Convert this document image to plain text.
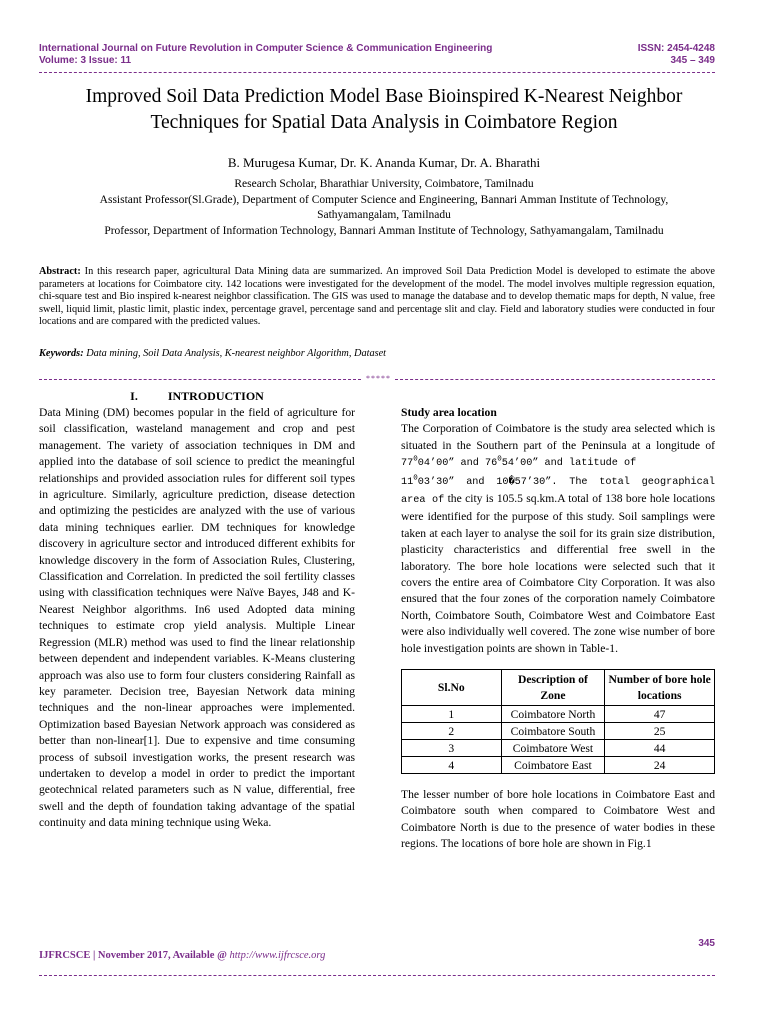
International Journal on Future Revolution in Computer Science & Communication Engineering
Volume: 3 Issue: 11
ISSN: 2454-4248
345 – 349
Improved Soil Data Prediction Model Base Bioinspired K-Nearest Neighbor
Techniques for Spatial Data Analysis in Coimbatore Region
B. Murugesa Kumar, Dr. K. Ananda Kumar, Dr. A. Bharathi
Research Scholar, Bharathiar University, Coimbatore, Tamilnadu
Assistant Professor(Sl.Grade), Department of Computer Science and Engineering, Bannari Amman Institute of Technology,
Sathyamangalam, Tamilnadu
Professor, Department of Information Technology, Bannari Amman Institute of Technology, Sathyamangalam, Tamilnadu
Abstract: In this research paper, agricultural Data Mining data are summarized. An improved Soil Data Prediction Model is developed to estimate the above parameters at locations for Coimbatore city. 142 locations were investigated for the development of the model. The model involves multiple regression equation, chi-square test and Bio inspired k-nearest neighbor classification. The GIS was used to manage the database and to develop thematic maps for depth, N value, free swell, liquid limit, plastic limit, plastic index, percentage gravel, percentage sand and percentage slit and clay. Field and laboratory studies were conducted in four locations and are compared with the predicted values.
Keywords: Data mining, Soil Data Analysis, K-nearest neighbor Algorithm, Dataset
*****
I.	INTRODUCTION
Data Mining (DM) becomes popular in the field of agriculture for soil classification, wasteland management and crop and pest management. The variety of association techniques in DM and applied into the database of soil science to predict the meaningful relationships and provided association rules for different soil types in agriculture. Similarly, agriculture prediction, disease detection and optimizing the pesticides are analyzed with the use of various data mining techniques earlier. DM techniques for knowledge discovery in agriculture sector and introduced different exhibits for knowledge discovery in the form of Association Rules, Clustering, Classification and Correlation. In predicted the soil fertility classes using with classification techniques were Naïve Bayes, J48 and K-Nearest Neighbor algorithms. In6 used Adopted data mining techniques to estimate crop yield analysis. Multiple Linear Regression (MLR) method was used to find the linear relationship between dependent and independent variables. K-Means clustering approach was also use to form four clusters considering Rainfall as key parameter. Decision tree, Bayesian Network data mining techniques and the non-linear approaches were implemented. Optimization based Bayesian Network approach was considered as better than non-linear[1]. Due to expensive and time consuming process of subsoil investigation works, the present research was undertaken to develop a model in order to predict the important geotechnical related parameters such as N value, differential, free swell and the depth of foundation taking advantage of the spatial continuity and data mining technique using Weka.
Study area location
The Corporation of Coimbatore is the study area selected which is situated in the Southern part of the Peninsula at a longitude of $77^004’00$” and $76^054’00$” and latitude of
$11^003’30$” and 10�57’30”. The total geographical area of the city is 105.5 sq.km.A total of 138 bore hole locations were identified for the purpose of this study. Soil samplings were taken at each layer to analyse the soil for its grain size distribution, plasticity characteristics and differential free swell in the laboratory. The bore hole locations were selected such that it covers the entire area of Coimbatore City Corporation. It was also ensured that the four zones of the corporation namely Coimbatore North, Coimbatore South, Coimbatore West and Coimbatore East were also individually well covered. The zone wise number of bore hole investigation points are shown in Table-1.
Sl.No	Description of Zone	Number of bore hole locations
1	Coimbatore North	47
2	Coimbatore South	25
3	Coimbatore West	44
4	Coimbatore East	24
The lesser number of bore hole locations in Coimbatore East and Coimbatore south when compared to Coimbatore West and Coimbatore North is due to the presence of water bodies in these regions. The locations of bore hole are shown in Fig.1
345
IJFRCSCE | November 2017, Available @ http://www.ijfrcsce.org
